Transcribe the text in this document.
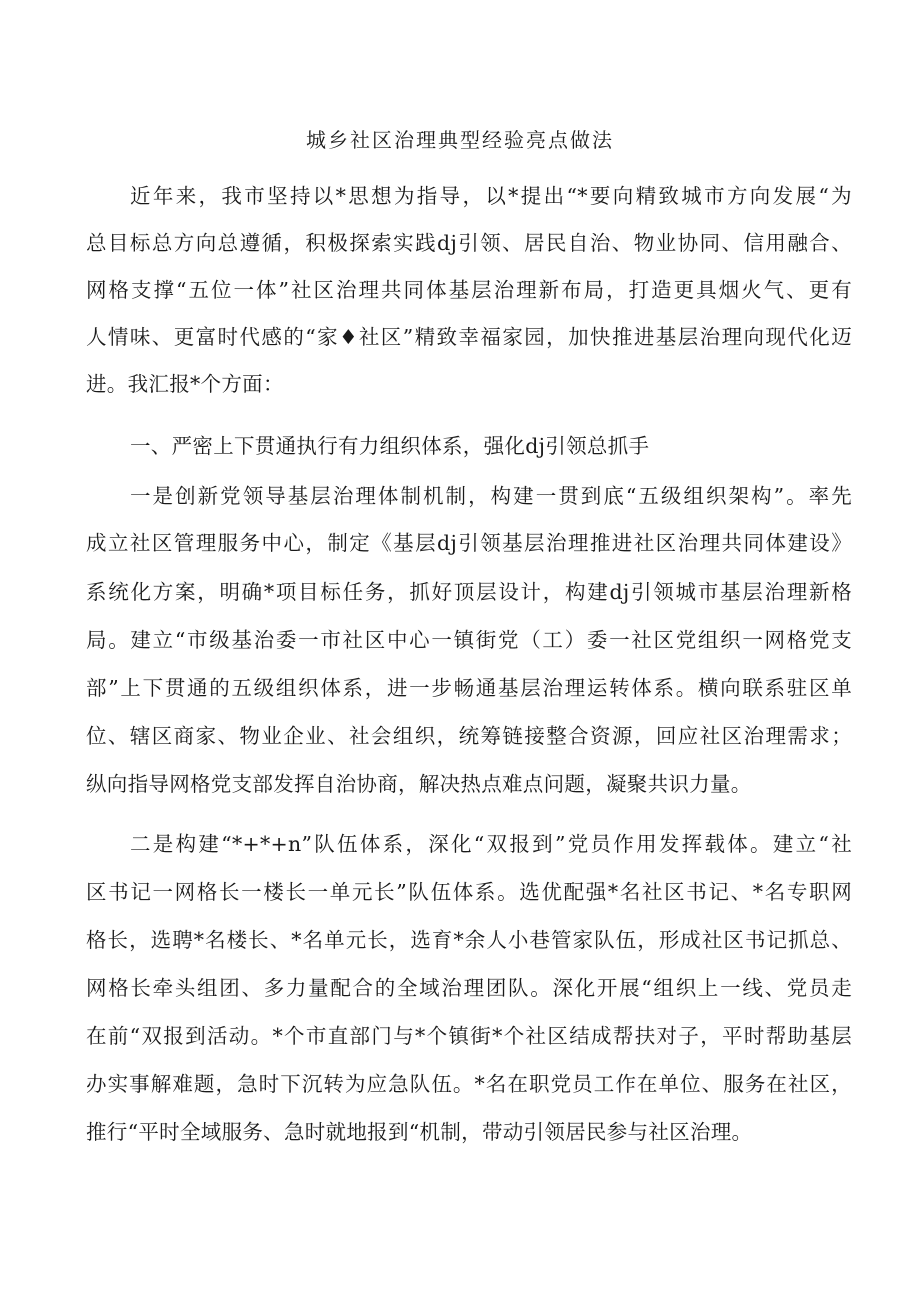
城乡社区治理典型经验亮点做法
近年来，我市坚持以*思想为指导，以*提出“*要向精致城市方向发展“为
总目标总方向总遵循，积极探索实践dj引领、居民自治、物业协同、信用融合、
网格支撑“五位一体”社区治理共同体基层治理新布局，打造更具烟火气、更有
人情味、更富时代感的“家♦社区”精致幸福家园，加快推进基层治理向现代化迈
进。我汇报*个方面：
一、严密上下贯通执行有力组织体系，强化dj引领总抓手
一是创新党领导基层治理体制机制，构建一贯到底“五级组织架构”。率先
成立社区管理服务中心，制定《基层dj引领基层治理推进社区治理共同体建设》
系统化方案，明确*项目标任务，抓好顶层设计，构建dj引领城市基层治理新格
局。建立“市级基治委一市社区中心一镇街党（工）委一社区党组织一网格党支
部”上下贯通的五级组织体系，进一步畅通基层治理运转体系。横向联系驻区单
位、辖区商家、物业企业、社会组织，统筹链接整合资源，回应社区治理需求；
纵向指导网格党支部发挥自治协商，解决热点难点问题，凝聚共识力量。
二是构建“*+*+n”队伍体系，深化“双报到”党员作用发挥载体。建立“社
区书记一网格长一楼长一单元长”队伍体系。选优配强*名社区书记、*名专职网
格长，选聘*名楼长、*名单元长，选育*余人小巷管家队伍，形成社区书记抓总、
网格长牵头组团、多力量配合的全域治理团队。深化开展“组织上一线、党员走
在前“双报到活动。*个市直部门与*个镇街*个社区结成帮扶对子，平时帮助基层
办实事解难题，急时下沉转为应急队伍。*名在职党员工作在单位、服务在社区，
推行“平时全域服务、急时就地报到“机制，带动引领居民参与社区治理。
